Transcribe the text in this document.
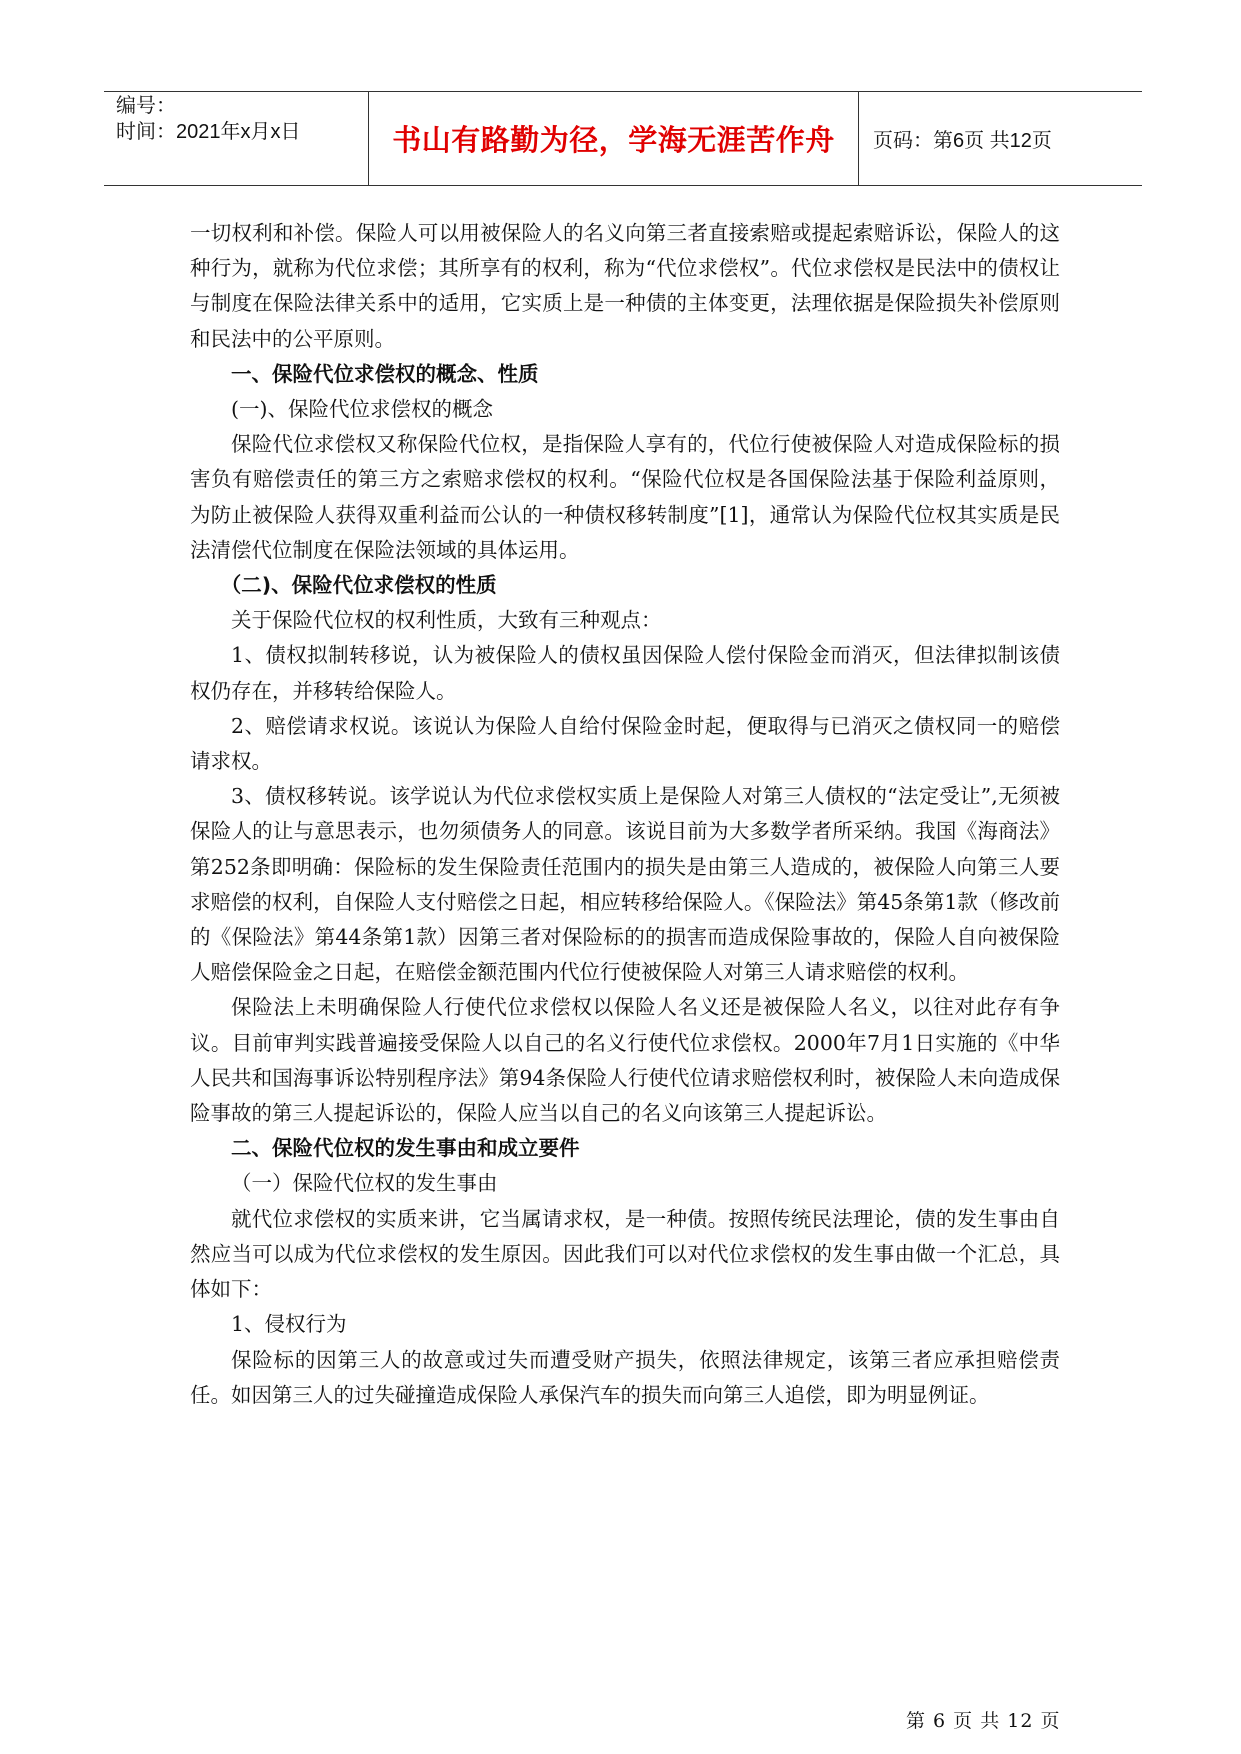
编号：
时间：2021年x月x日	书山有路勤为径，学海无涯苦作舟 页码：第6页 共12页

一切权利和补偿。保险人可以用被保险人的名义向第三者直接索赔或提起索赔诉讼，保险人的这种行为，就称为代位求偿；其所享有的权利，称为“代位求偿权”。代位求偿权是民法中的债权让与制度在保险法律关系中的适用，它实质上是一种债的主体变更，法理依据是保险损失补偿原则和民法中的公平原则。

一、保险代位求偿权的概念、性质

(一)、保险代位求偿权的概念

保险代位求偿权又称保险代位权，是指保险人享有的，代位行使被保险人对造成保险标的损害负有赔偿责任的第三方之索赔求偿权的权利。“保险代位权是各国保险法基于保险利益原则，为防止被保险人获得双重利益而公认的一种债权移转制度”[1]，通常认为保险代位权其实质是民法清偿代位制度在保险法领域的具体运用。

（二)、保险代位求偿权的性质

关于保险代位权的权利性质，大致有三种观点：

1、债权拟制转移说，认为被保险人的债权虽因保险人偿付保险金而消灭，但法律拟制该债权仍存在，并移转给保险人。

2、赔偿请求权说。该说认为保险人自给付保险金时起，便取得与已消灭之债权同一的赔偿请求权。

3、债权移转说。该学说认为代位求偿权实质上是保险人对第三人债权的“法定受让”,无须被保险人的让与意思表示，也勿须债务人的同意。该说目前为大多数学者所采纳。我国《海商法》第252条即明确：保险标的发生保险责任范围内的损失是由第三人造成的，被保险人向第三人要求赔偿的权利，自保险人支付赔偿之日起，相应转移给保险人。《保险法》第45条第1款（修改前的《保险法》第44条第1款）因第三者对保险标的的损害而造成保险事故的，保险人自向被保险人赔偿保险金之日起，在赔偿金额范围内代位行使被保险人对第三人请求赔偿的权利。

保险法上未明确保险人行使代位求偿权以保险人名义还是被保险人名义，以往对此存有争议。目前审判实践普遍接受保险人以自己的名义行使代位求偿权。2000年7月1日实施的《中华人民共和国海事诉讼特别程序法》第94条保险人行使代位请求赔偿权利时，被保险人未向造成保险事故的第三人提起诉讼的，保险人应当以自己的名义向该第三人提起诉讼。

二、保险代位权的发生事由和成立要件

（一）保险代位权的发生事由

就代位求偿权的实质来讲，它当属请求权，是一种债。按照传统民法理论，债的发生事由自然应当可以成为代位求偿权的发生原因。因此我们可以对代位求偿权的发生事由做一个汇总，具体如下：

1、侵权行为

保险标的因第三人的故意或过失而遭受财产损失，依照法律规定，该第三者应承担赔偿责任。如因第三人的过失碰撞造成保险人承保汽车的损失而向第三人追偿，即为明显例证。

第 6 页 共 12 页
